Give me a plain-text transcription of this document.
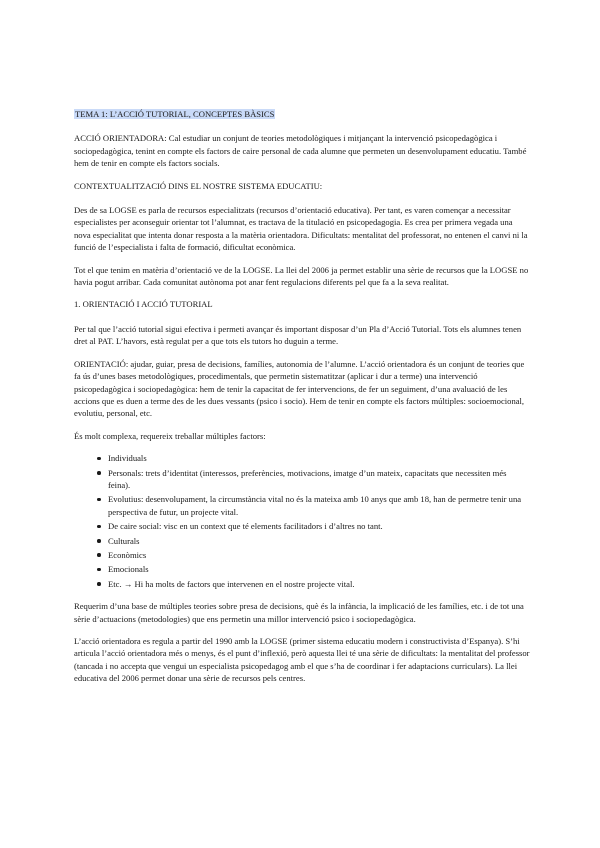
TEMA 1: L’ACCIÓ TUTORIAL, CONCEPTES BÀSICS

ACCIÓ ORIENTADORA: Cal estudiar un conjunt de teories metodològiques i mitjançant la intervenció psicopedagògica i sociopedagògica, tenint en compte els factors de caire personal de cada alumne que permeten un desenvolupament educatiu. També hem de tenir en compte els factors socials.

CONTEXTUALITZACIÓ DINS EL NOSTRE SISTEMA EDUCATIU:

Des de sa LOGSE es parla de recursos especialitzats (recursos d’orientació educativa). Per tant, es varen començar a necessitar especialistes per aconseguir orientar tot l’alumnat, es tractava de la titulació en psicopedagogia. Es crea per primera vegada una nova especialitat que intenta donar resposta a la matèria orientadora. Dificultats: mentalitat del professorat, no entenen el canvi ni la funció de l’especialista i falta de formació, dificultat econòmica.

Tot el que tenim en matèria d’orientació ve de la LOGSE. La llei del 2006 ja permet establir una sèrie de recursos que la LOGSE no havia pogut arribar. Cada comunitat autònoma pot anar fent regulacions diferents pel que fa a la seva realitat.

1. ORIENTACIÓ I ACCIÓ TUTORIAL

Per tal que l’acció tutorial sigui efectiva i permeti avançar és important disposar d’un Pla d’Acció Tutorial. Tots els alumnes tenen dret al PAT. L’havors, està regulat per a que tots els tutors ho duguin a terme.

ORIENTACIÓ: ajudar, guiar, presa de decisions, famílies, autonomia de l’alumne. L’acció orientadora és un conjunt de teories que fa ús d’unes bases metodològiques, procedimentals, que permetin sistematitzar (aplicar i dur a terme) una intervenció psicopedagògica i sociopedagògica: hem de tenir la capacitat de fer intervencions, de fer un seguiment, d’una avaluació de les accions que es duen a terme des de les dues vessants (psico i socio). Hem de tenir en compte els factors múltiples: socioemocional, evolutiu, personal, etc.

És molt complexa, requereix treballar múltiples factors:

Individuals
Personals: trets d’identitat (interessos, preferències, motivacions, imatge d’un mateix, capacitats que necessiten més feina).
Evolutius: desenvolupament, la circumstància vital no és la mateixa amb 10 anys que amb 18, han de permetre tenir una perspectiva de futur, un projecte vital.
De caire social: visc en un context que té elements facilitadors i d’altres no tant.
Culturals
Econòmics
Emocionals
Etc. → Hi ha molts de factors que intervenen en el nostre projecte vital.

Requerim d’una base de múltiples teories sobre presa de decisions, què és la infància, la implicació de les famílies, etc. i de tot una sèrie d’actuacions (metodologies) que ens permetin una millor intervenció psico i sociopedagògica.

L’acció orientadora es regula a partir del 1990 amb la LOGSE (primer sistema educatiu modern i constructivista d’Espanya). S’hi articula l’acció orientadora més o menys, és el punt d’inflexió, però aquesta llei té una sèrie de dificultats: la mentalitat del professor (tancada i no accepta que vengui un especialista psicopedagog amb el que s’ha de coordinar i fer adaptacions curriculars). La llei educativa del 2006 permet donar una sèrie de recursos pels centres.
